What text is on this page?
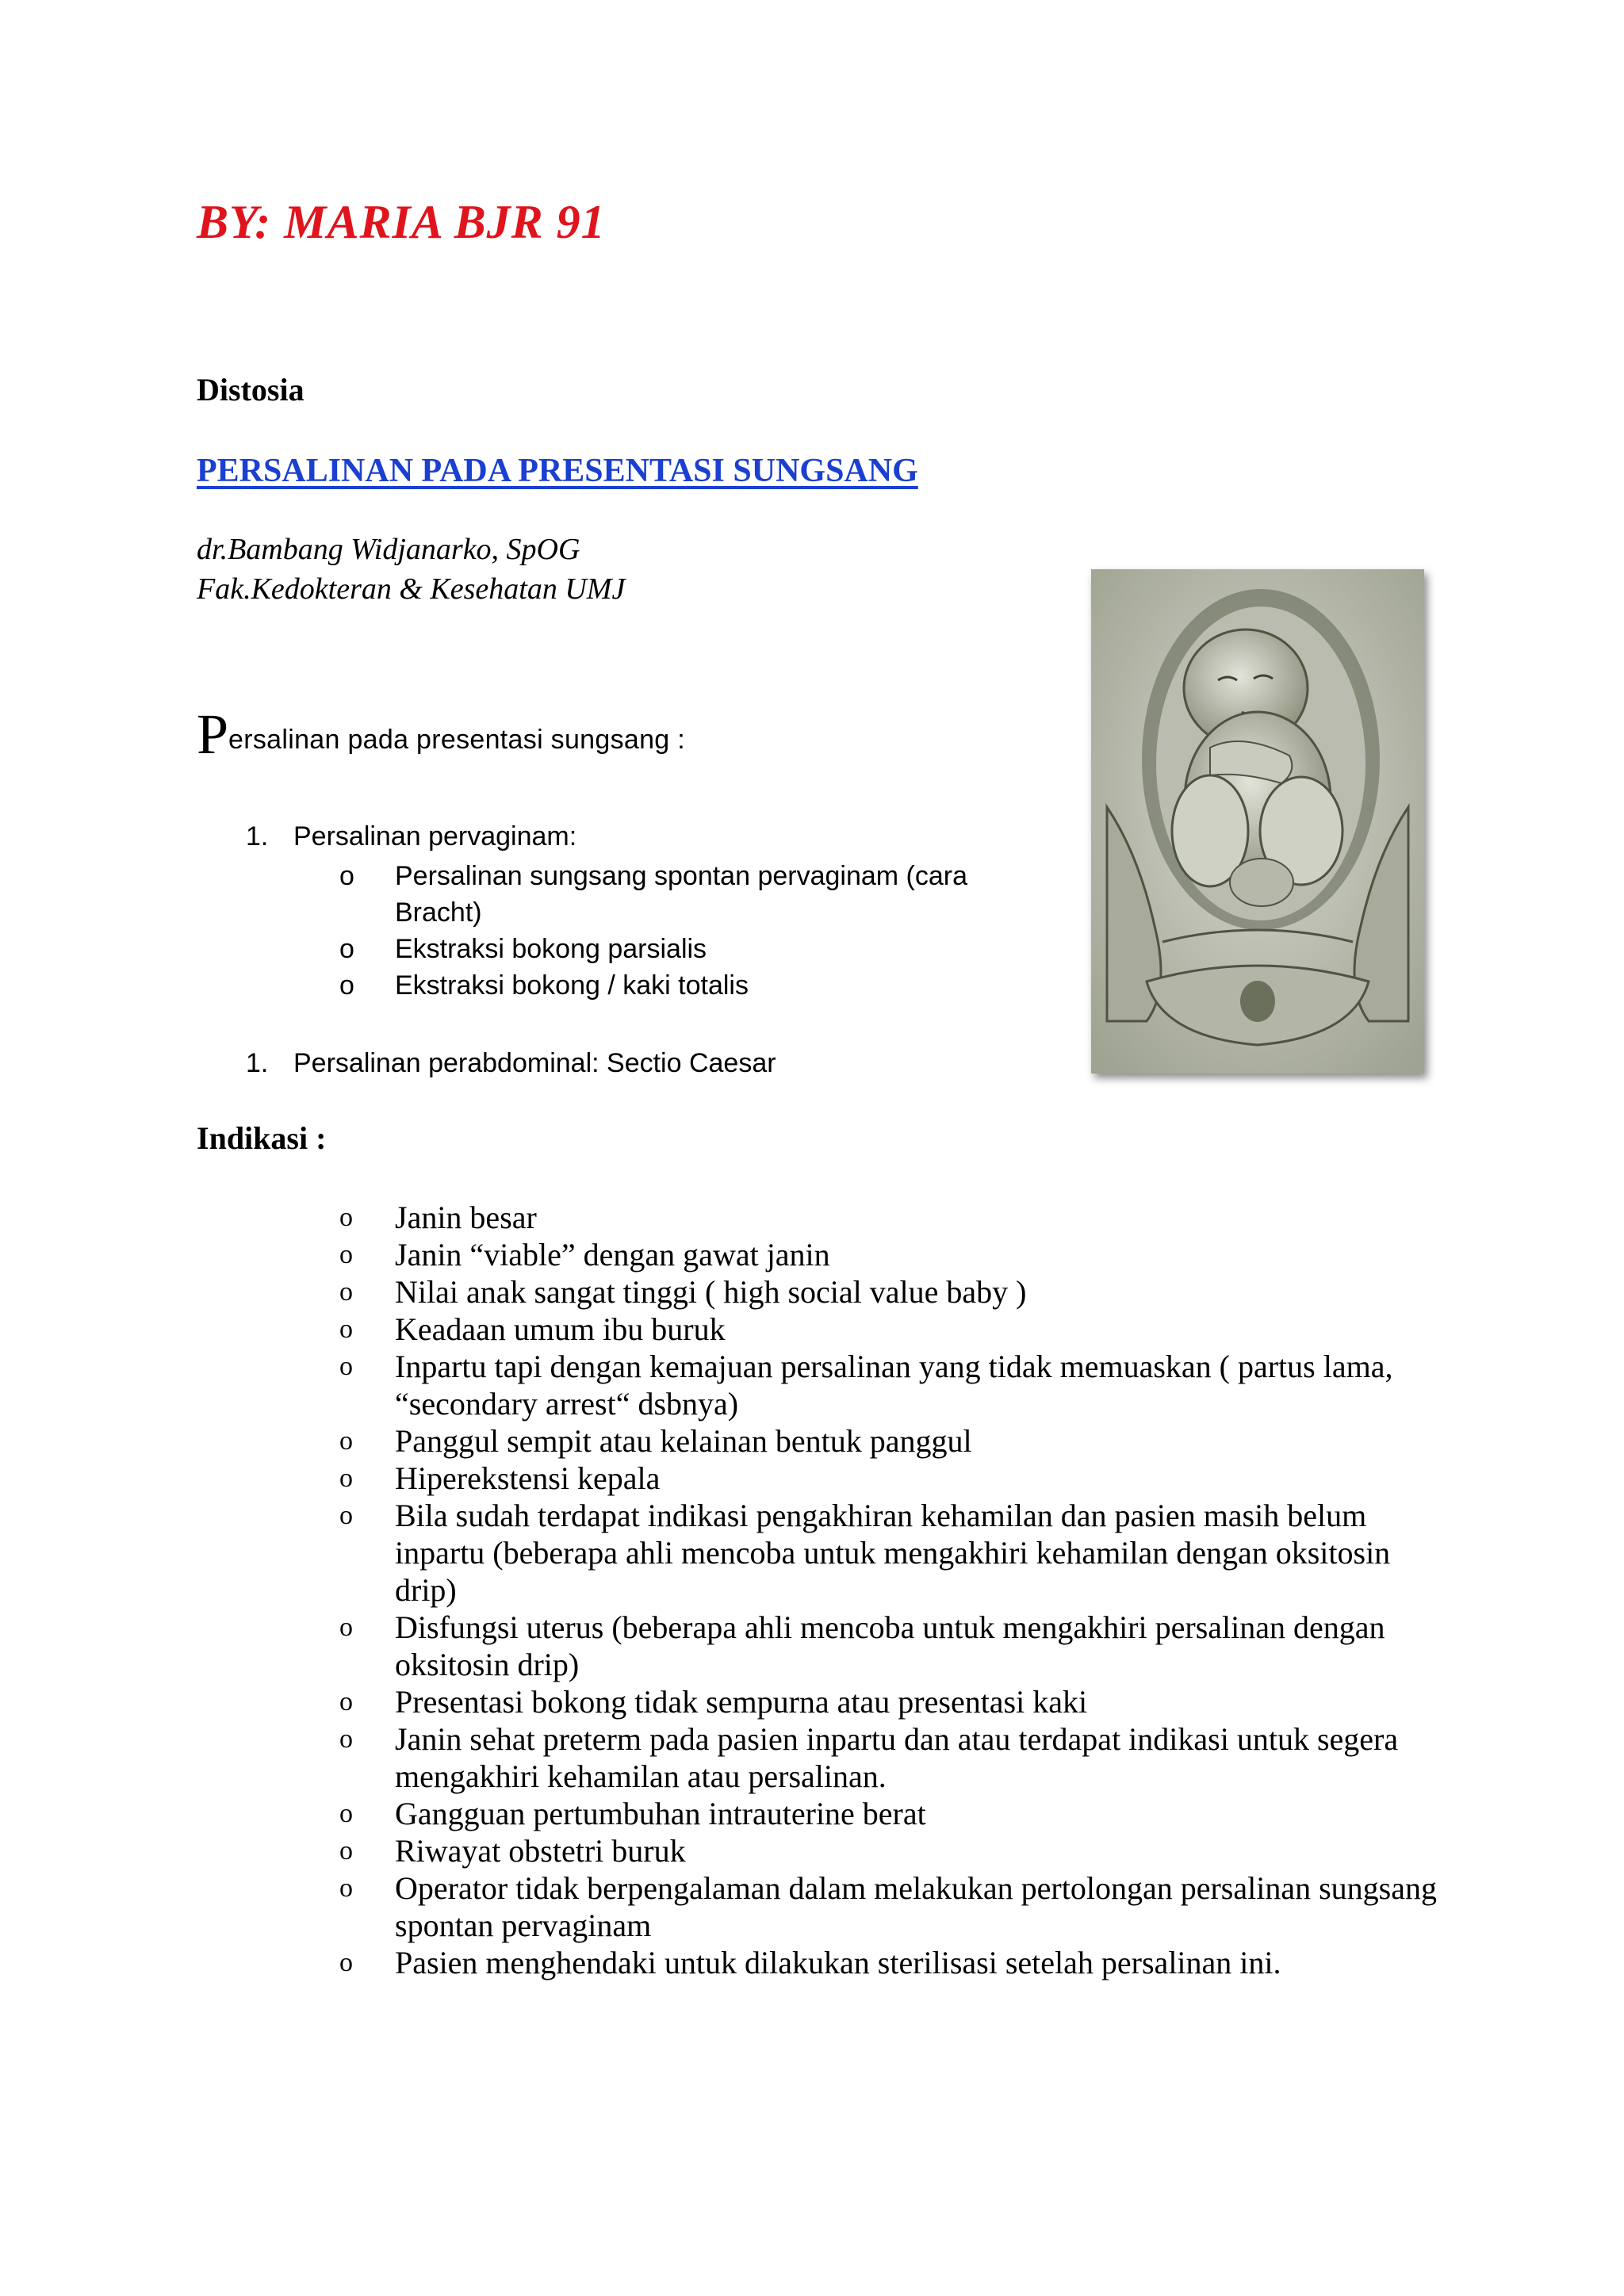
BY: MARIA BJR 91
Distosia
PERSALINAN PADA PRESENTASI SUNGSANG
dr.Bambang Widjanarko, SpOG
Fak.Kedokteran & Kesehatan UMJ
Persalinan pada presentasi sungsang :
1. Persalinan pervaginam:
o Persalinan sungsang spontan pervaginam (cara Bracht)
o Ekstraksi bokong parsialis
o Ekstraksi bokong / kaki totalis
1. Persalinan perabdominal: Sectio Caesar
Indikasi :
o Janin besar
o Janin “viable” dengan gawat janin
o Nilai anak sangat tinggi ( high social value baby )
o Keadaan umum ibu buruk
o Inpartu tapi dengan kemajuan persalinan yang tidak memuaskan ( partus lama, “secondary arrest“ dsbnya)
o Panggul sempit atau kelainan bentuk panggul
o Hiperekstensi kepala
o Bila sudah terdapat indikasi pengakhiran kehamilan dan pasien masih belum inpartu (beberapa ahli mencoba untuk mengakhiri kehamilan dengan oksitosin drip)
o Disfungsi uterus (beberapa ahli mencoba untuk mengakhiri persalinan dengan oksitosin drip)
o Presentasi bokong tidak sempurna atau presentasi kaki
o Janin sehat preterm pada pasien inpartu dan atau terdapat indikasi untuk segera mengakhiri kehamilan atau persalinan.
o Gangguan pertumbuhan intrauterine berat
o Riwayat obstetri buruk
o Operator tidak berpengalaman dalam melakukan pertolongan persalinan sungsang spontan pervaginam
o Pasien menghendaki untuk dilakukan sterilisasi setelah persalinan ini.
